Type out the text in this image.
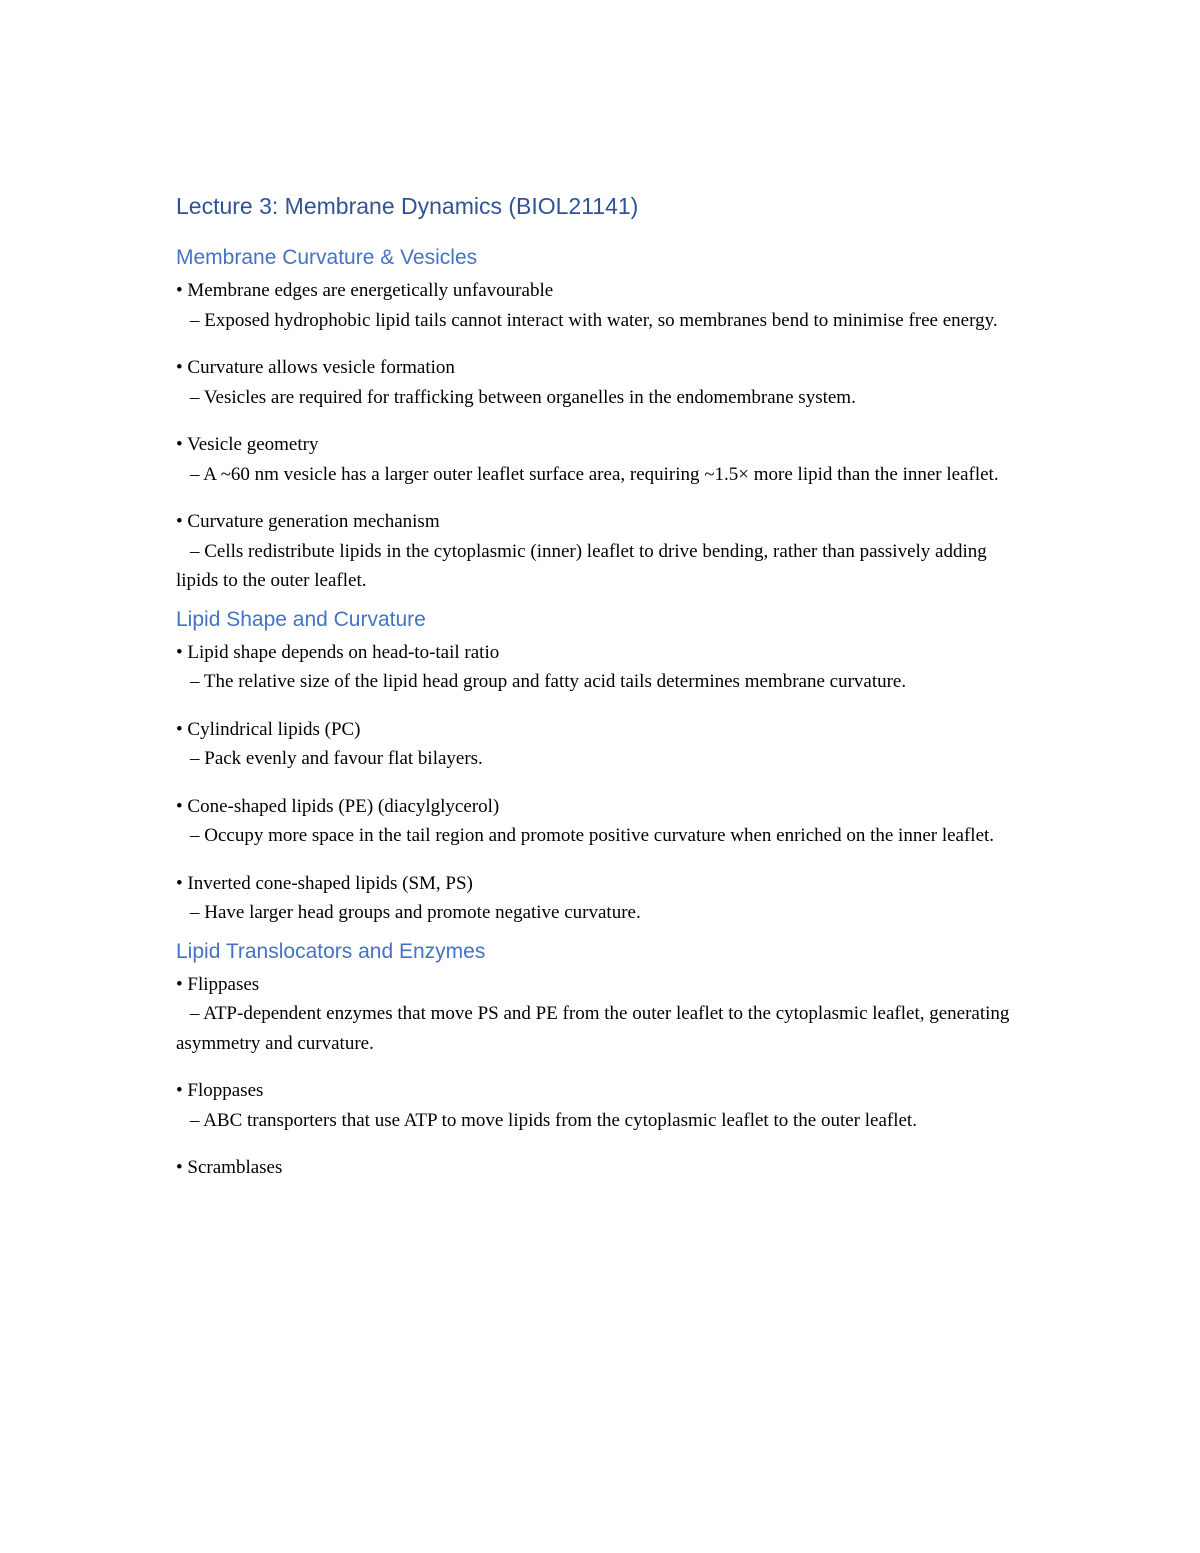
Lecture 3: Membrane Dynamics (BIOL21141)
Membrane Curvature & Vesicles
• Membrane edges are energetically unfavourable
– Exposed hydrophobic lipid tails cannot interact with water, so membranes bend to minimise free energy.
• Curvature allows vesicle formation
– Vesicles are required for trafficking between organelles in the endomembrane system.
• Vesicle geometry
– A ~60 nm vesicle has a larger outer leaflet surface area, requiring ~1.5× more lipid than the inner leaflet.
• Curvature generation mechanism
– Cells redistribute lipids in the cytoplasmic (inner) leaflet to drive bending, rather than passively adding lipids to the outer leaflet.
Lipid Shape and Curvature
• Lipid shape depends on head-to-tail ratio
– The relative size of the lipid head group and fatty acid tails determines membrane curvature.
• Cylindrical lipids (PC)
– Pack evenly and favour flat bilayers.
• Cone-shaped lipids (PE) (diacylglycerol)
– Occupy more space in the tail region and promote positive curvature when enriched on the inner leaflet.
• Inverted cone-shaped lipids (SM, PS)
– Have larger head groups and promote negative curvature.
Lipid Translocators and Enzymes
• Flippases
– ATP-dependent enzymes that move PS and PE from the outer leaflet to the cytoplasmic leaflet, generating asymmetry and curvature.
• Floppases
– ABC transporters that use ATP to move lipids from the cytoplasmic leaflet to the outer leaflet.
• Scramblases
